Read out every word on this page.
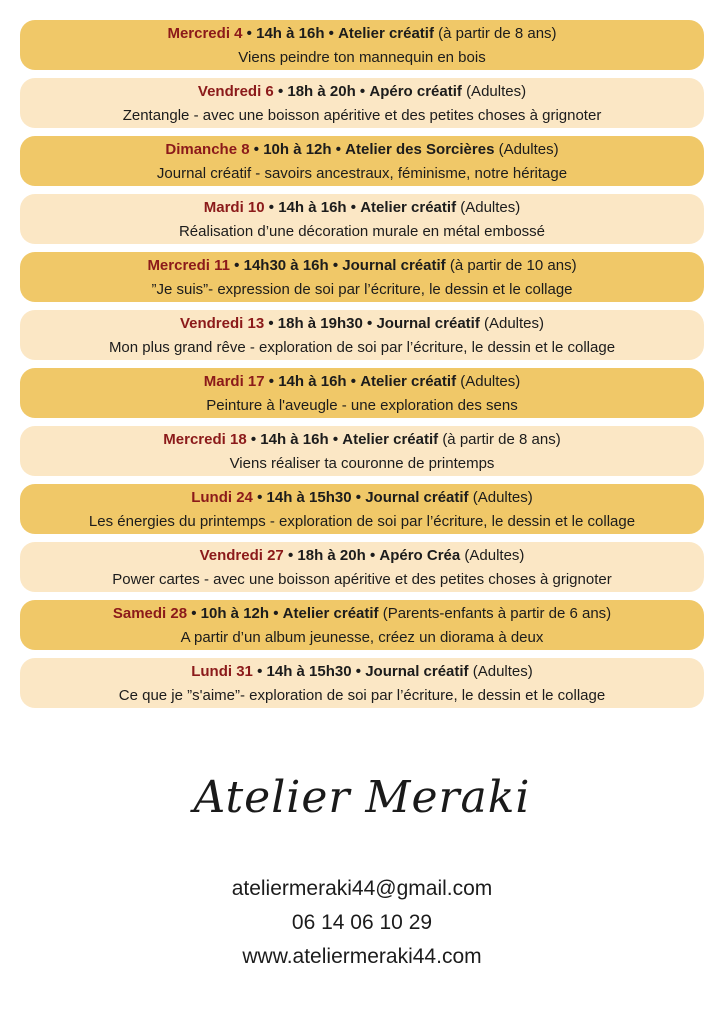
Mercredi 4 • 14h à 16h • Atelier créatif (à partir de 8 ans)
Viens peindre ton mannequin en bois
Vendredi 6 • 18h à 20h • Apéro créatif (Adultes)
Zentangle - avec une boisson apéritive et des petites choses à grignoter
Dimanche 8 • 10h à 12h • Atelier des Sorcières (Adultes)
Journal créatif - savoirs ancestraux, féminisme, notre héritage
Mardi 10 • 14h à 16h • Atelier créatif (Adultes)
Réalisation d’une décoration murale en métal embossé
Mercredi 11 • 14h30 à 16h • Journal créatif (à partir de 10 ans)
”Je suis”- expression de soi par l’écriture, le dessin et le collage
Vendredi 13 • 18h à 19h30 • Journal créatif (Adultes)
Mon plus grand rêve - exploration de soi par l’écriture, le dessin et le collage
Mardi 17 • 14h à 16h • Atelier créatif (Adultes)
Peinture à l'aveugle - une exploration des sens
Mercredi 18 • 14h à 16h • Atelier créatif (à partir de 8 ans)
Viens réaliser ta couronne de printemps
Lundi 24 • 14h à 15h30 • Journal créatif (Adultes)
Les énergies du printemps - exploration de soi par l’écriture, le dessin et le collage
Vendredi 27 • 18h à 20h • Apéro Créa (Adultes)
Power cartes - avec une boisson apéritive et des petites choses à grignoter
Samedi 28 • 10h à 12h • Atelier créatif (Parents-enfants à partir de 6 ans)
A partir d’un album jeunesse, créez un diorama à deux
Lundi 31 • 14h à 15h30 • Journal créatif (Adultes)
Ce que je ”s'aime”- exploration de soi par l’écriture, le dessin et le collage
Atelier Meraki
ateliermeraki44@gmail.com
06 14 06 10 29
www.ateliermeraki44.com
